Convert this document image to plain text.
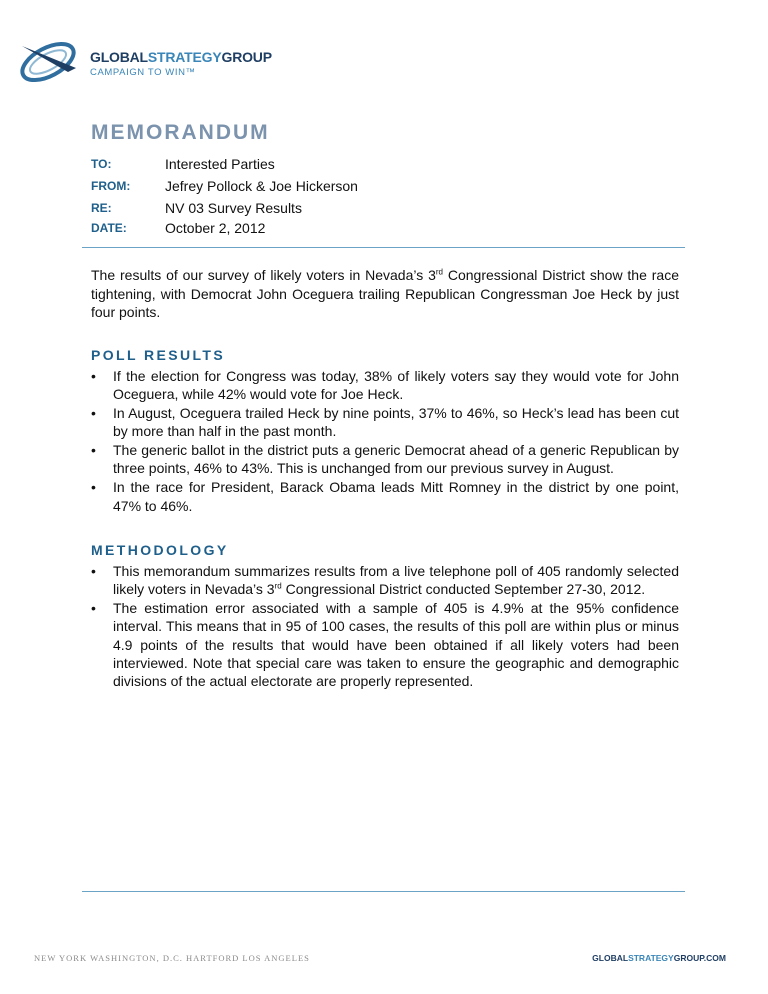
GLOBALSTRATEGYGROUP
CAMPAIGN TO WIN™
MEMORANDUM
TO:	Interested Parties
FROM: Jefrey Pollock & Joe Hickerson
RE:	NV 03 Survey Results
DATE:	October 2, 2012
The results of our survey of likely voters in Nevada’s 3rd Congressional District show the race tightening, with Democrat John Oceguera trailing Republican Congressman Joe Heck by just four points.
POLL RESULTS
• If the election for Congress was today, 38% of likely voters say they would vote for John Oceguera, while 42% would vote for Joe Heck.
• In August, Oceguera trailed Heck by nine points, 37% to 46%, so Heck’s lead has been cut by more than half in the past month.
• The generic ballot in the district puts a generic Democrat ahead of a generic Republican by three points, 46% to 43%. This is unchanged from our previous survey in August.
• In the race for President, Barack Obama leads Mitt Romney in the district by one point, 47% to 46%.
METHODOLOGY
• This memorandum summarizes results from a live telephone poll of 405 randomly selected likely voters in Nevada’s 3rd Congressional District conducted September 27-30, 2012.
• The estimation error associated with a sample of 405 is 4.9% at the 95% confidence interval. This means that in 95 of 100 cases, the results of this poll are within plus or minus 4.9 points of the results that would have been obtained if all likely voters had been interviewed. Note that special care was taken to ensure the geographic and demographic divisions of the actual electorate are properly represented.
NEW YORK WASHINGTON, D.C. HARTFORD LOS ANGELES	GLOBALSTRATEGYGROUP.COM
